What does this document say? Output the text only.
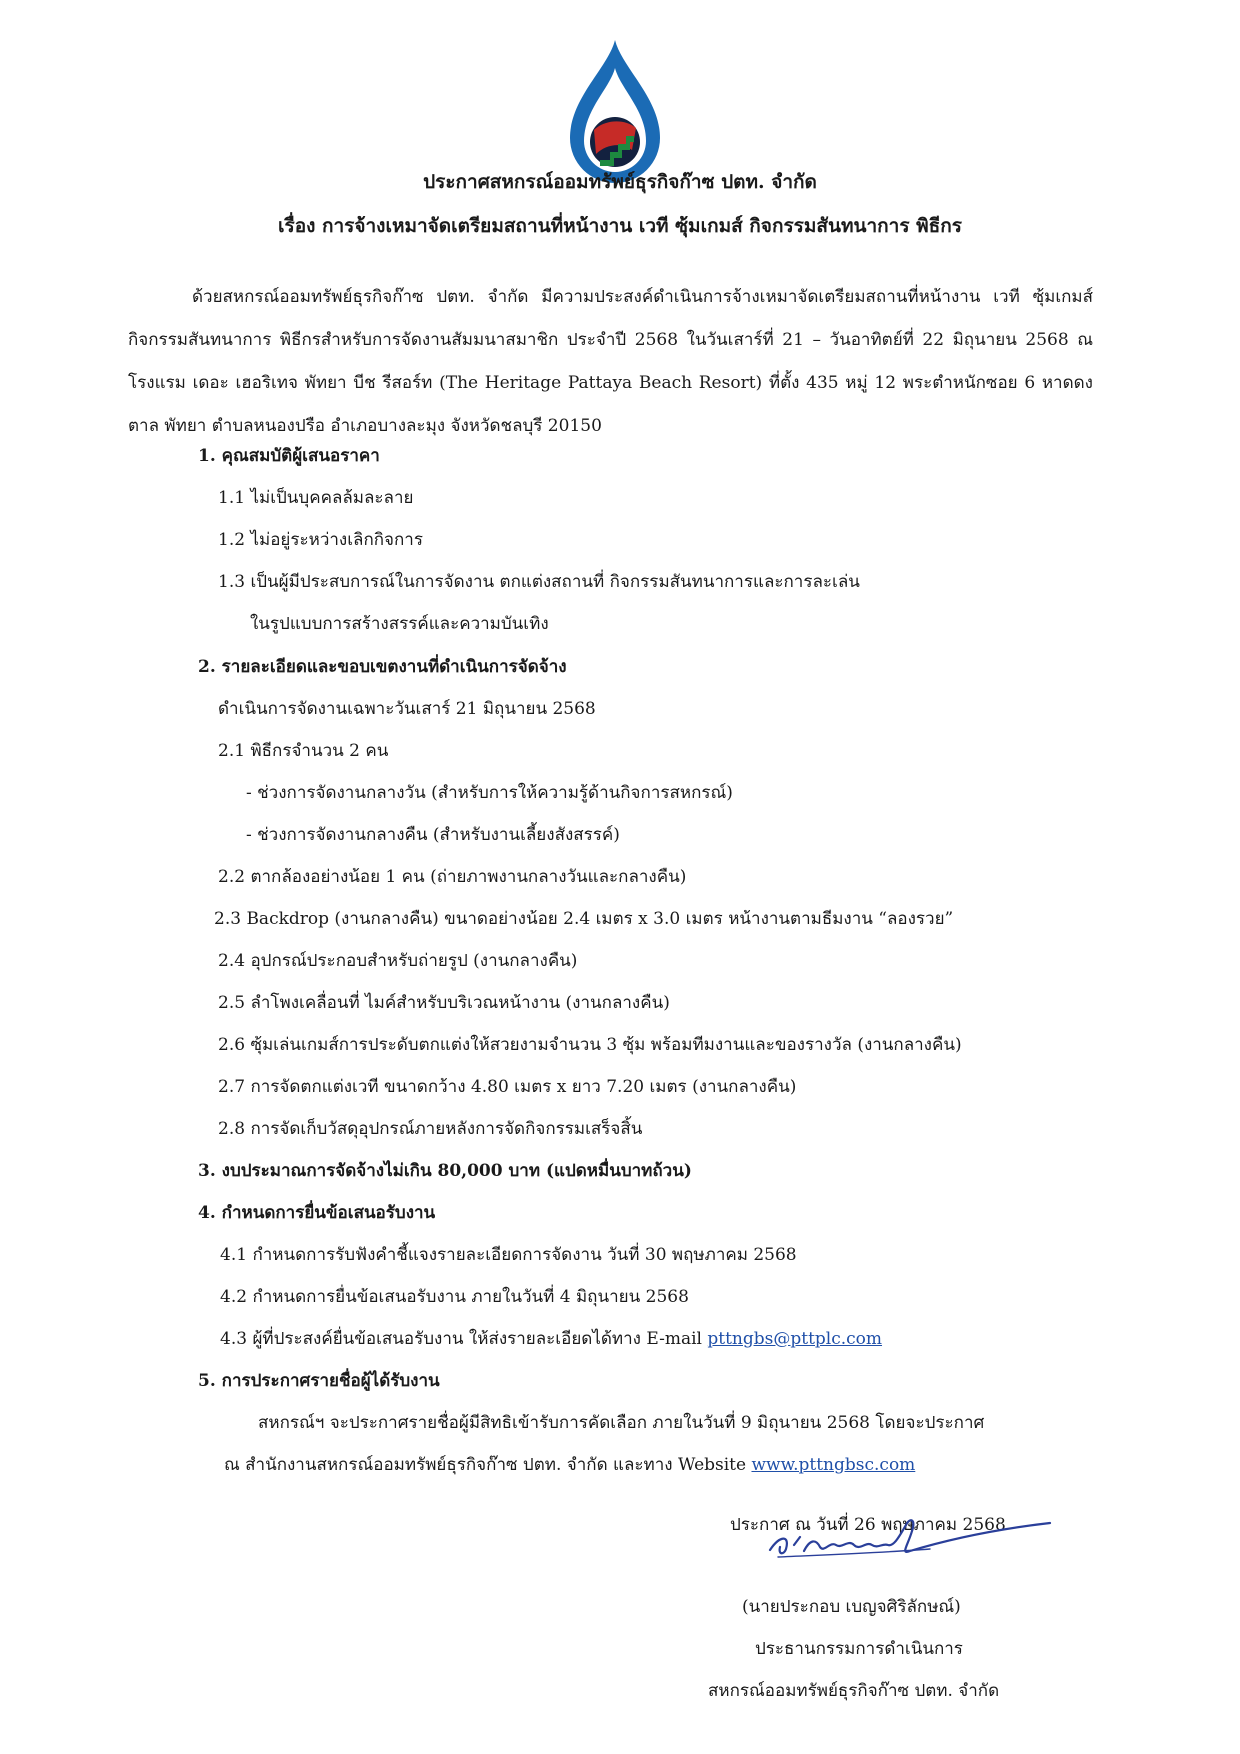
ประกาศสหกรณ์ออมทรัพย์ธุรกิจก๊าซ ปตท. จำกัด
เรื่อง การจ้างเหมาจัดเตรียมสถานที่หน้างาน เวที ซุ้มเกมส์ กิจกรรมสันทนาการ พิธีกร
ด้วยสหกรณ์ออมทรัพย์ธุรกิจก๊าซ ปตท. จำกัด มีความประสงค์ดำเนินการจ้างเหมาจัดเตรียมสถานที่หน้างาน เวที ซุ้มเกมส์ กิจกรรมสันทนาการ พิธีกรสำหรับการจัดงานสัมมนาสมาชิก ประจำปี 2568 ในวันเสาร์ที่ 21 – วันอาทิตย์ที่ 22 มิถุนายน 2568 ณ โรงแรม เดอะ เฮอริเทจ พัทยา บีช รีสอร์ท (The Heritage Pattaya Beach Resort) ที่ตั้ง 435 หมู่ 12 พระตำหนักซอย 6 หาดดงตาล พัทยา ตำบลหนองปรือ อำเภอบางละมุง จังหวัดชลบุรี 20150
1. คุณสมบัติผู้เสนอราคา
1.1 ไม่เป็นบุคคลล้มละลาย
1.2 ไม่อยู่ระหว่างเลิกกิจการ
1.3 เป็นผู้มีประสบการณ์ในการจัดงาน ตกแต่งสถานที่ กิจกรรมสันทนาการและการละเล่น
ในรูปแบบการสร้างสรรค์และความบันเทิง
2. รายละเอียดและขอบเขตงานที่ดำเนินการจัดจ้าง
ดำเนินการจัดงานเฉพาะวันเสาร์ 21 มิถุนายน 2568
2.1 พิธีกรจำนวน 2 คน
- ช่วงการจัดงานกลางวัน (สำหรับการให้ความรู้ด้านกิจการสหกรณ์)
- ช่วงการจัดงานกลางคืน (สำหรับงานเลี้ยงสังสรรค์)
2.2 ตากล้องอย่างน้อย 1 คน (ถ่ายภาพงานกลางวันและกลางคืน)
2.3 Backdrop (งานกลางคืน) ขนาดอย่างน้อย 2.4 เมตร x 3.0 เมตร หน้างานตามธีมงาน “ลองรวย”
2.4 อุปกรณ์ประกอบสำหรับถ่ายรูป (งานกลางคืน)
2.5 ลำโพงเคลื่อนที่ ไมค์สำหรับบริเวณหน้างาน (งานกลางคืน)
2.6 ซุ้มเล่นเกมส์การประดับตกแต่งให้สวยงามจำนวน 3 ซุ้ม พร้อมทีมงานและของรางวัล (งานกลางคืน)
2.7 การจัดตกแต่งเวที ขนาดกว้าง 4.80 เมตร x ยาว 7.20 เมตร (งานกลางคืน)
2.8 การจัดเก็บวัสดุอุปกรณ์ภายหลังการจัดกิจกรรมเสร็จสิ้น
3. งบประมาณการจัดจ้างไม่เกิน 80,000 บาท (แปดหมื่นบาทถ้วน)
4. กำหนดการยื่นข้อเสนอรับงาน
4.1 กำหนดการรับฟังคำชี้แจงรายละเอียดการจัดงาน วันที่ 30 พฤษภาคม 2568
4.2 กำหนดการยื่นข้อเสนอรับงาน ภายในวันที่ 4 มิถุนายน 2568
4.3 ผู้ที่ประสงค์ยื่นข้อเสนอรับงาน ให้ส่งรายละเอียดได้ทาง E-mail pttngbs@pttplc.com
5. การประกาศรายชื่อผู้ได้รับงาน
สหกรณ์ฯ จะประกาศรายชื่อผู้มีสิทธิเข้ารับการคัดเลือก ภายในวันที่ 9 มิถุนายน 2568 โดยจะประกาศ
ณ สำนักงานสหกรณ์ออมทรัพย์ธุรกิจก๊าซ ปตท. จำกัด และทาง Website www.pttngbsc.com
ประกาศ ณ วันที่ 26 พฤษภาคม 2568
(นายประกอบ เบญจศิริลักษณ์)
ประธานกรรมการดำเนินการ
สหกรณ์ออมทรัพย์ธุรกิจก๊าซ ปตท. จำกัด
